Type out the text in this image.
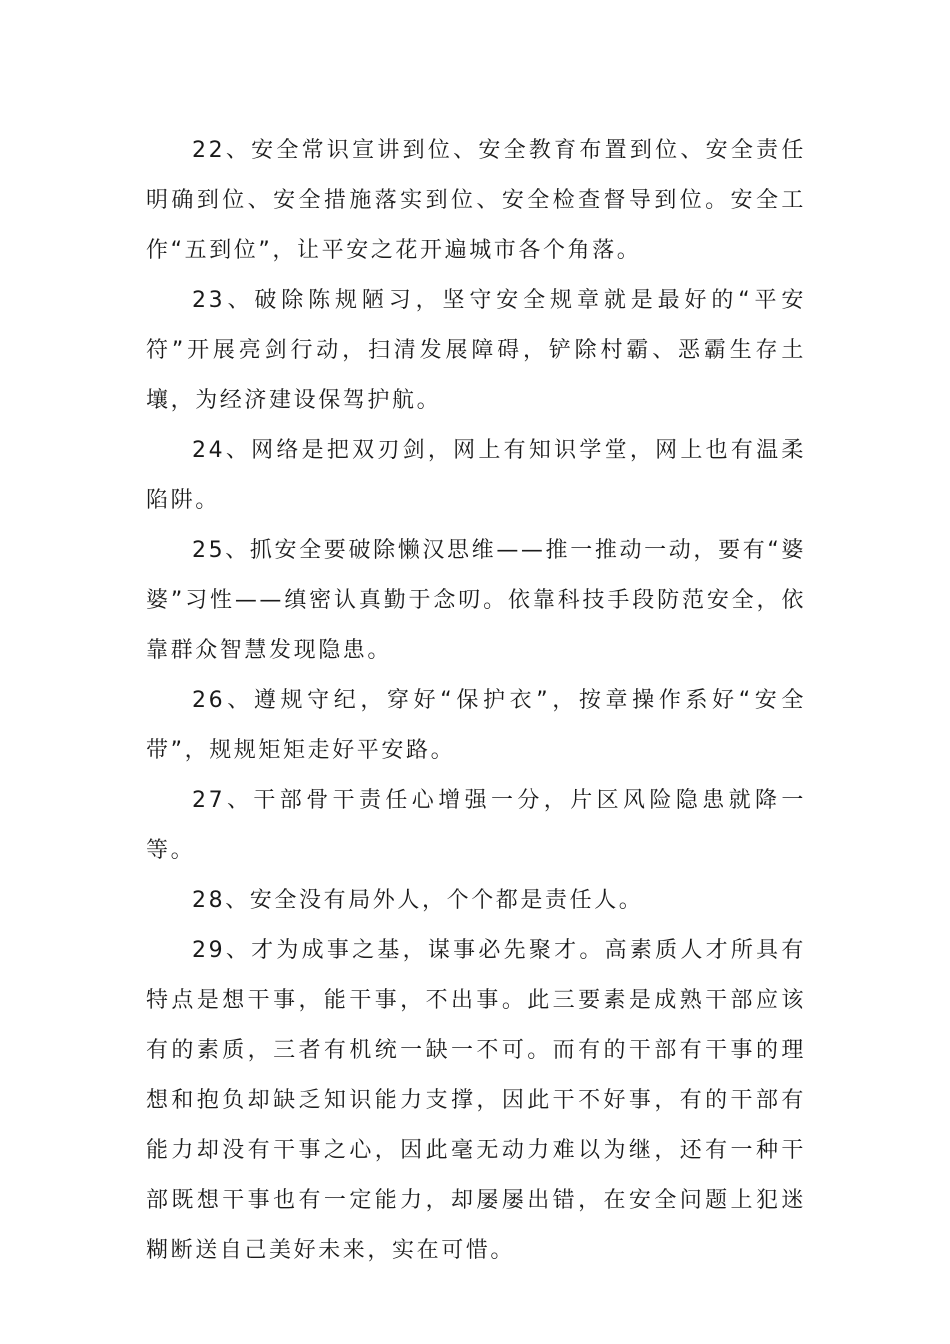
22、安全常识宣讲到位、安全教育布置到位、安全责任明确到位、安全措施落实到位、安全检查督导到位。安全工作“五到位”，让平安之花开遍城市各个角落。

23、破除陈规陋习，坚守安全规章就是最好的“平安符”开展亮剑行动，扫清发展障碍，铲除村霸、恶霸生存土壤，为经济建设保驾护航。

24、网络是把双刃剑，网上有知识学堂，网上也有温柔陷阱。

25、抓安全要破除懒汉思维——推一推动一动，要有“婆婆”习性——缜密认真勤于念叨。依靠科技手段防范安全，依靠群众智慧发现隐患。

26、遵规守纪，穿好“保护衣”，按章操作系好“安全带”，规规矩矩走好平安路。

27、干部骨干责任心增强一分，片区风险隐患就降一等。

28、安全没有局外人，个个都是责任人。

29、才为成事之基，谋事必先聚才。高素质人才所具有特点是想干事，能干事，不出事。此三要素是成熟干部应该有的素质，三者有机统一缺一不可。而有的干部有干事的理想和抱负却缺乏知识能力支撑，因此干不好事，有的干部有能力却没有干事之心，因此毫无动力难以为继，还有一种干部既想干事也有一定能力，却屡屡出错，在安全问题上犯迷糊断送自己美好未来，实在可惜。
